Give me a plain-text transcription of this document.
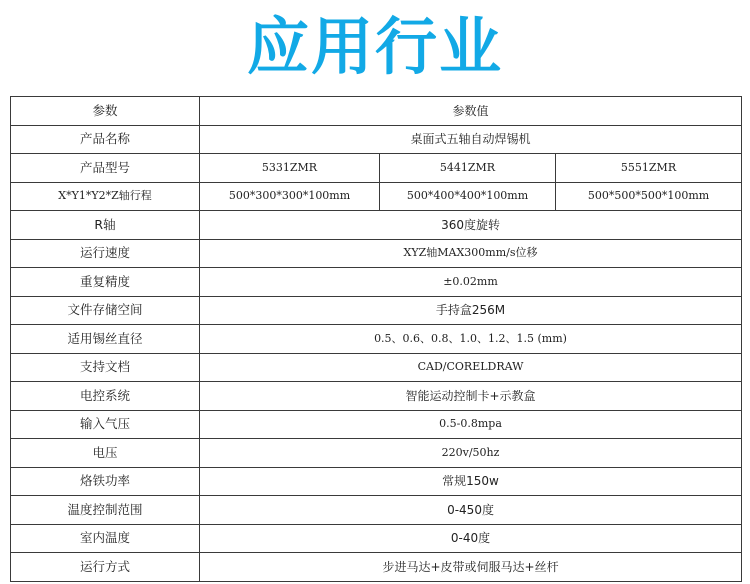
应用行业
参数	参数值		
产品名称	桌面式五轴自动焊锡机		
产品型号	5331ZMR	5441ZMR	5551ZMR
X*Y1*Y2*Z轴行程	500*300*300*100mm	500*400*400*100mm	500*500*500*100mm
R轴	360度旋转		
运行速度	XYZ轴MAX300mm/s位移		
重复精度	±0.02mm		
文件存储空间	手持盒256M		
适用锡丝直径	0.5、0.6、0.8、1.0、1.2、1.5 (mm)		
支持文档	CAD/CORELDRAW		
电控系统	智能运动控制卡+示教盒		
输入气压	0.5-0.8mpa		
电压	220v/50hz		
烙铁功率	常规150w		
温度控制范围	0-450度		
室内温度	0-40度		
运行方式	步进马达+皮带或伺服马达+丝杆		
